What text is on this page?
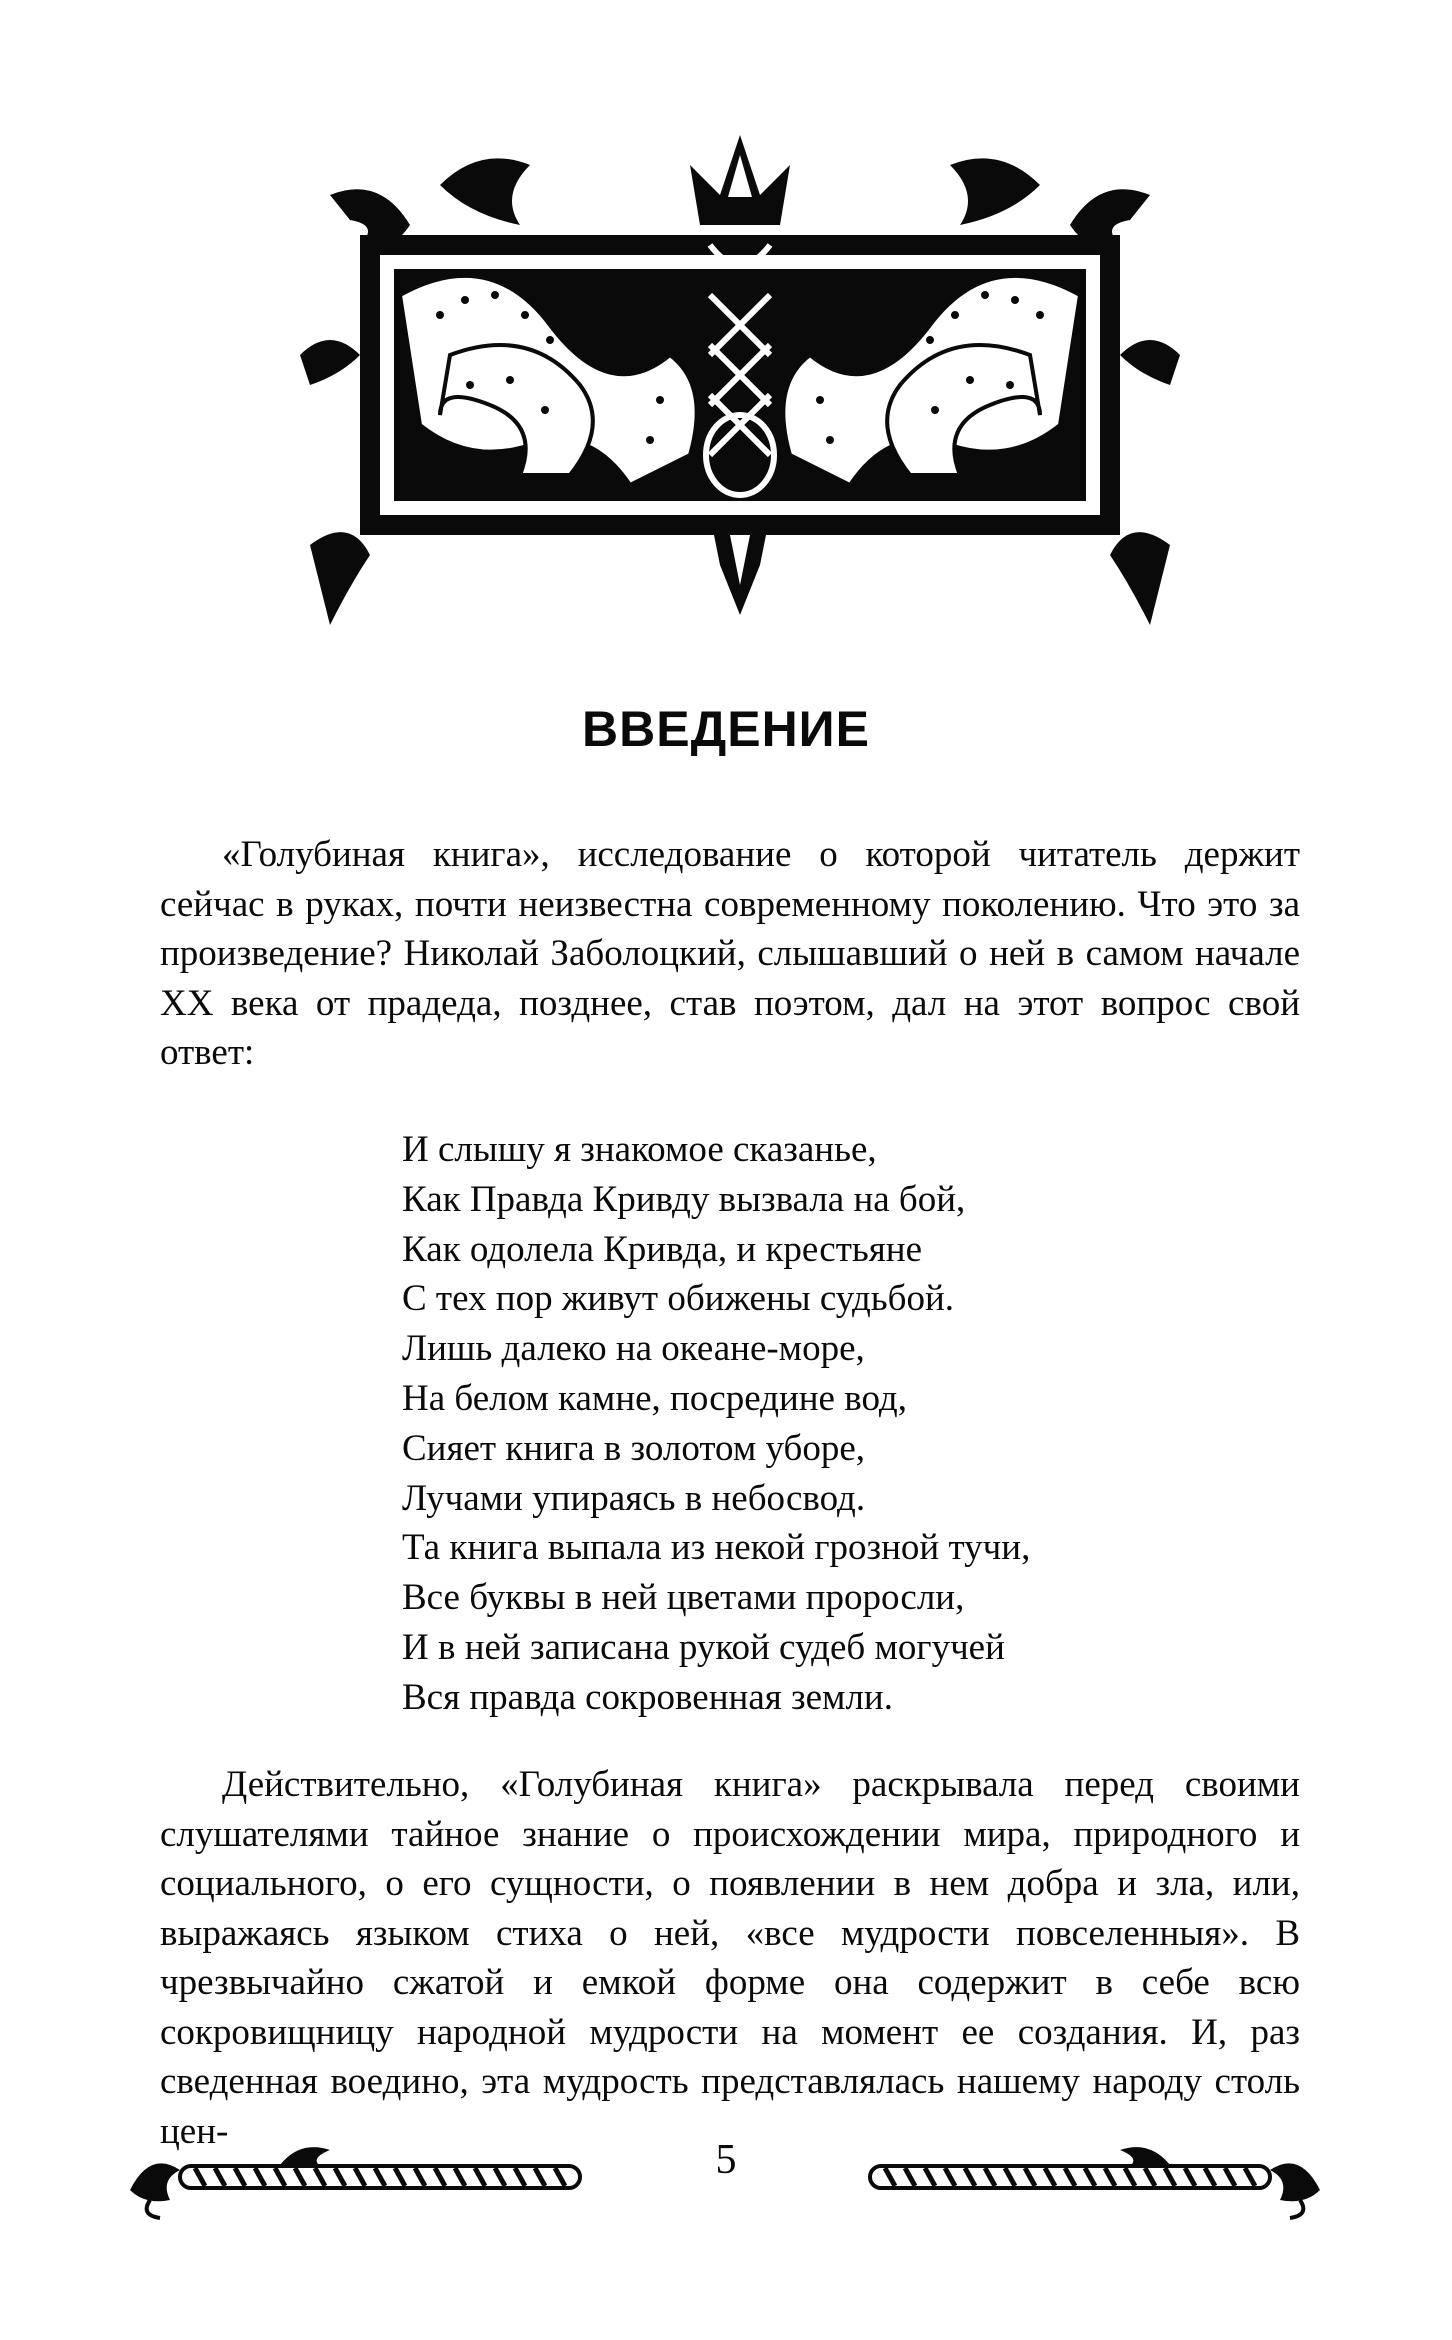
ВВЕДЕНИЕ

«Голубиная книга», исследование о которой читатель держит сейчас в руках, почти неизвестна современному поколению. Что это за произведение? Николай Заболоцкий, слышавший о ней в самом начале XX века от прадеда, позднее, став поэтом, дал на этот вопрос свой ответ:

И слышу я знакомое сказанье,
Как Правда Кривду вызвала на бой,
Как одолела Кривда, и крестьяне
С тех пор живут обижены судьбой.
Лишь далеко на океане-море,
На белом камне, посредине вод,
Сияет книга в золотом уборе,
Лучами упираясь в небосвод.
Та книга выпала из некой грозной тучи,
Все буквы в ней цветами проросли,
И в ней записана рукой судеб могучей
Вся правда сокровенная земли.

Действительно, «Голубиная книга» раскрывала перед своими слушателями тайное знание о происхождении мира, природного и социального, о его сущности, о появлении в нем добра и зла, или, выражаясь языком стиха о ней, «все мудрости повселенныя». В чрезвычайно сжатой и емкой форме она содержит в себе всю сокровищницу народной мудрости на момент ее создания. И, раз сведенная воедино, эта мудрость представлялась нашему народу столь цен-

5
